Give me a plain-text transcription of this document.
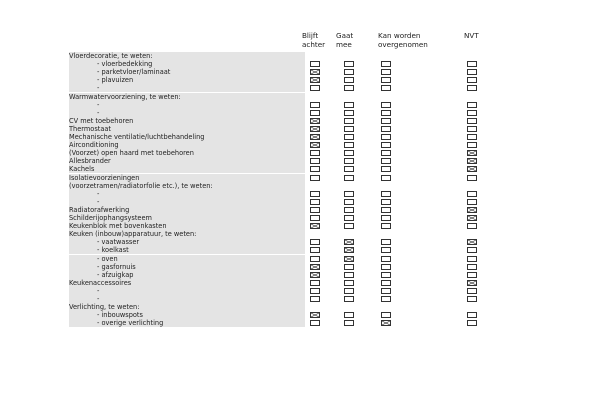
Blijft achter
Gaat mee
Kan worden overgenomen
NVT
Vloerdecoratie, te weten:
- vloerbedekking
- parketvloer/laminaat
- plavuizen
-
Warmwatervoorziening, te weten:
-
-
CV met toebehoren
Thermostaat
Mechanische ventilatie/luchtbehandeling
Airconditioning
(Voorzet) open haard met toebehoren
Allesbrander
Kachels
Isolatievoorzieningen
(voorzetramen/radiatorfolie etc.), te weten:
-
-
Radiatorafwerking
Schilderijophangsysteem
Keukenblok met bovenkasten
Keuken (inbouw)apparatuur, te weten:
- vaatwasser
- koelkast
- oven
- gasfornuis
- afzuigkap
Keukenaccessoires
-
-
Verlichting, te weten:
- inbouwspots
- overige verlichting
